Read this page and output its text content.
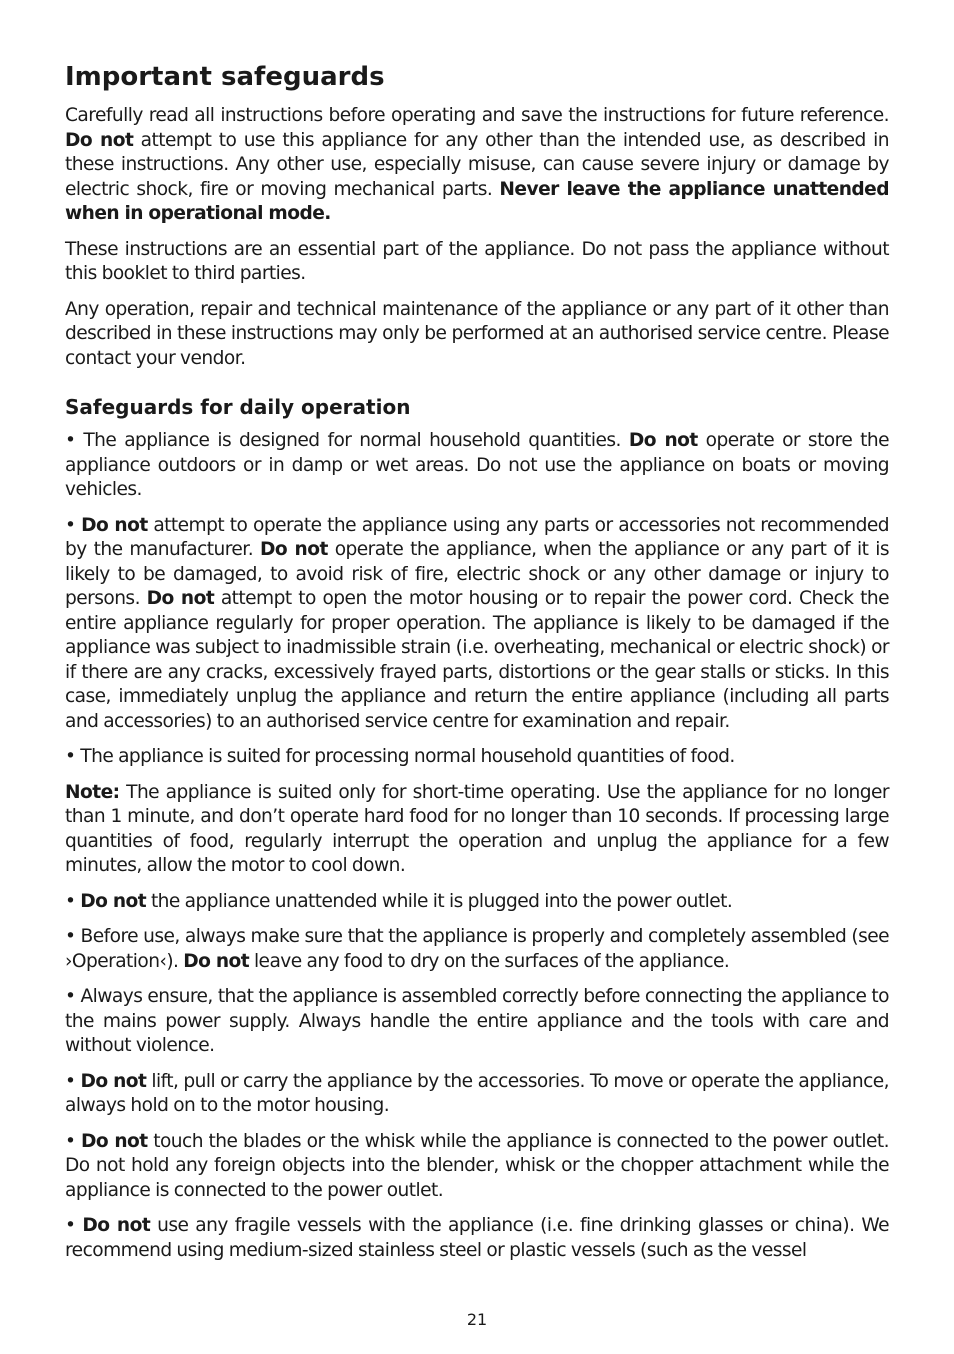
Important safeguards

Carefully read all instructions before operating and save the instructions for future reference. Do not attempt to use this appliance for any other than the intended use, as described in these instructions. Any other use, especially misuse, can cause severe injury or damage by electric shock, fire or moving mechanical parts. Never leave the appliance unattended when in operational mode.

These instructions are an essential part of the appliance. Do not pass the appliance without this booklet to third parties.

Any operation, repair and technical maintenance of the appliance or any part of it other than described in these instructions may only be performed at an authorised service centre. Please contact your vendor.

Safeguards for daily operation

• The appliance is designed for normal household quantities. Do not operate or store the appliance outdoors or in damp or wet areas. Do not use the appliance on boats or moving vehicles.

• Do not attempt to operate the appliance using any parts or accessories not recommended by the manufacturer. Do not operate the appliance, when the appliance or any part of it is likely to be damaged, to avoid risk of fire, electric shock or any other damage or injury to persons. Do not attempt to open the motor housing or to repair the power cord. Check the entire appliance regularly for proper operation. The appliance is likely to be damaged if the appliance was subject to inadmissible strain (i.e. overheating, mechanical or electric shock) or if there are any cracks, excessively frayed parts, distortions or the gear stalls or sticks. In this case, immediately unplug the appliance and return the entire appliance (including all parts and accessories) to an authorised service centre for examination and repair.

• The appliance is suited for processing normal household quantities of food.

Note: The appliance is suited only for short-time operating. Use the appliance for no longer than 1 minute, and don’t operate hard food for no longer than 10 seconds. If processing large quantities of food, regularly interrupt the operation and unplug the appliance for a few minutes, allow the motor to cool down.

• Do not the appliance unattended while it is plugged into the power outlet.

• Before use, always make sure that the appliance is properly and completely assembled (see ›Operation‹). Do not leave any food to dry on the surfaces of the appliance.

• Always ensure, that the appliance is assembled correctly before connecting the appliance to the mains power supply. Always handle the entire appliance and the tools with care and without violence.

• Do not lift, pull or carry the appliance by the accessories. To move or operate the appliance, always hold on to the motor housing.

• Do not touch the blades or the whisk while the appliance is connected to the power outlet. Do not hold any foreign objects into the blender, whisk or the chopper attachment while the appliance is connected to the power outlet.

• Do not use any fragile vessels with the appliance (i.e. fine drinking glasses or china). We recommend using medium-sized stainless steel or plastic vessels (such as the vessel

21
